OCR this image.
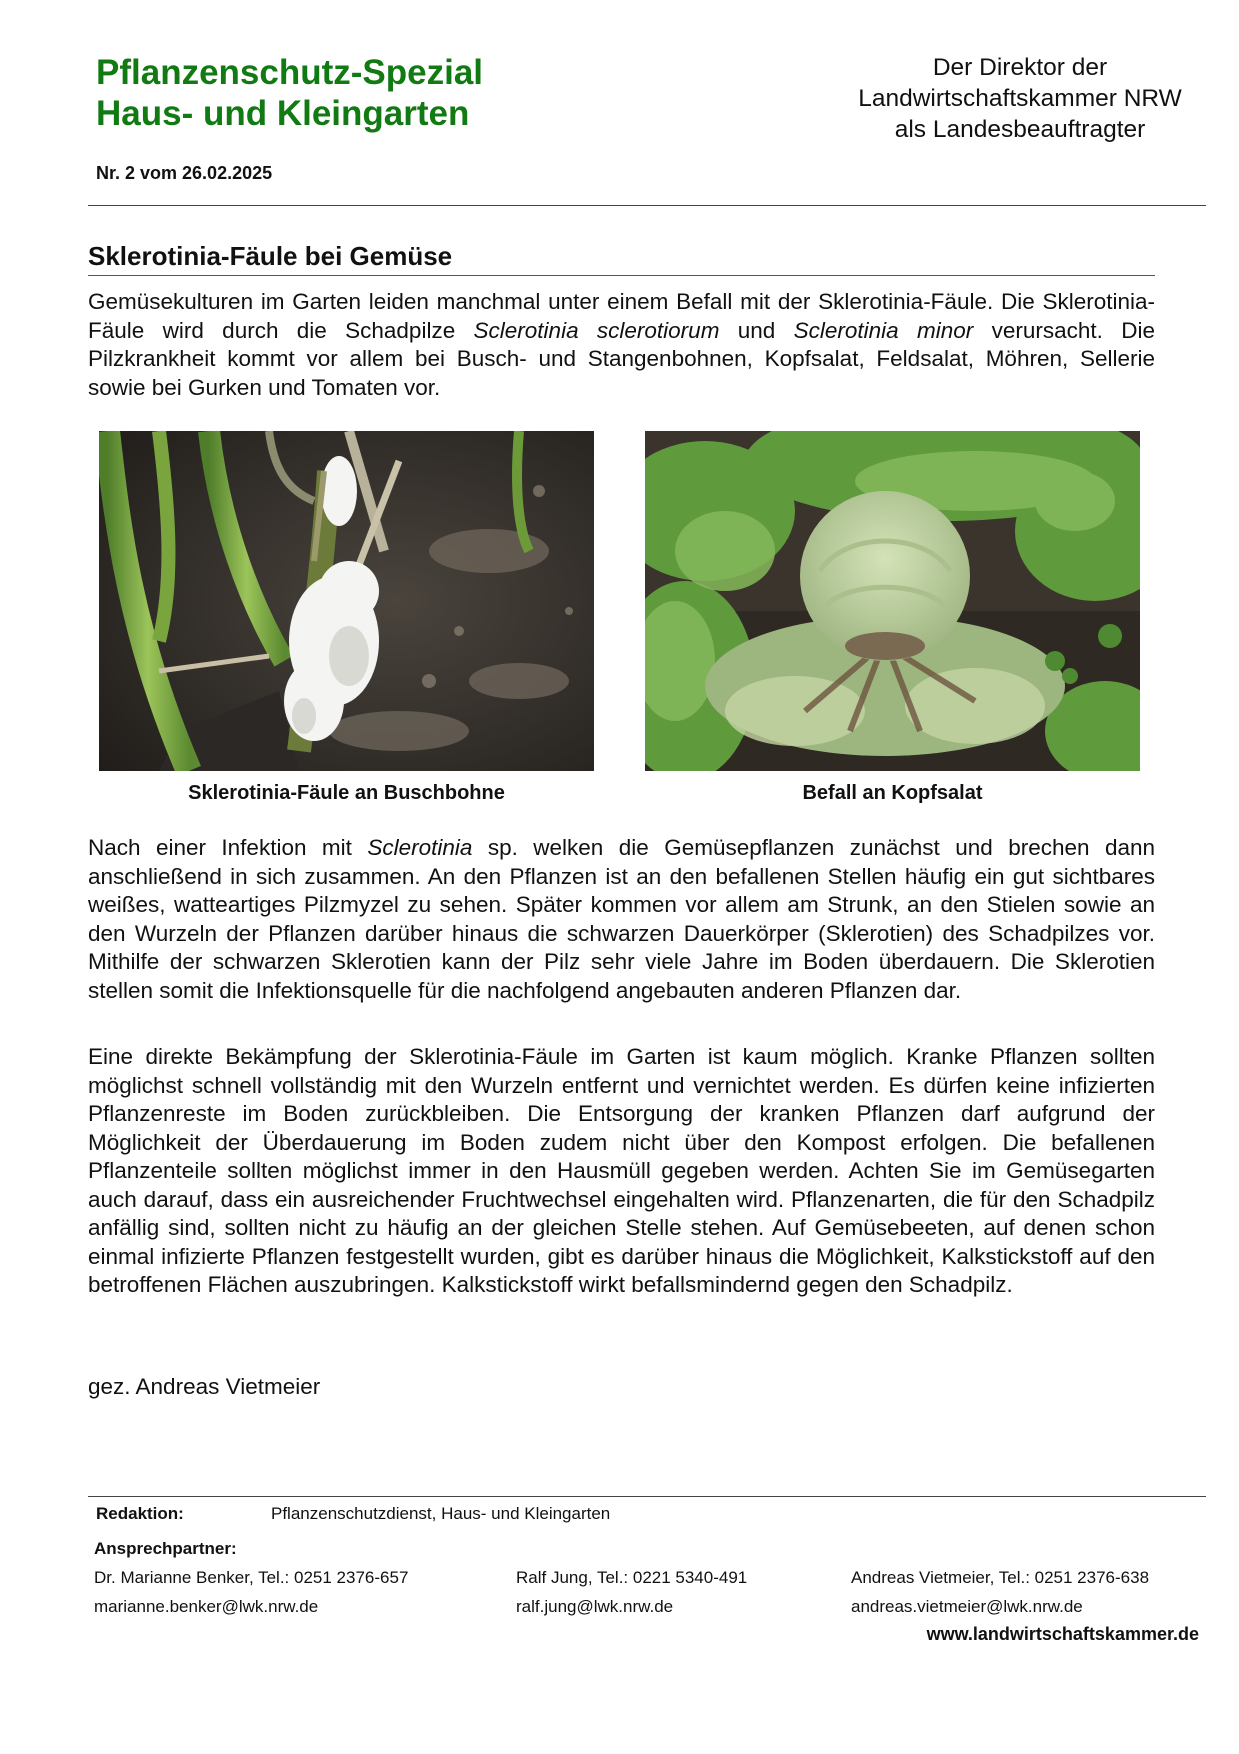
Pflanzenschutz-Spezial
Haus- und Kleingarten
Nr. 2 vom 26.02.2025
Der Direktor der
Landwirtschaftskammer NRW
als Landesbeauftragter
Sklerotinia-Fäule bei Gemüse

Gemüsekulturen im Garten leiden manchmal unter einem Befall mit der Sklerotinia-Fäule. Die Sklerotinia-Fäule wird durch die Schadpilze Sclerotinia sclerotiorum und Sclerotinia minor verursacht. Die Pilzkrankheit kommt vor allem bei Busch- und Stangenbohnen, Kopfsalat, Feldsalat, Möhren, Sellerie sowie bei Gurken und Tomaten vor.

Sklerotinia-Fäule an Buschbohne	Befall an Kopfsalat

Nach einer Infektion mit Sclerotinia sp. welken die Gemüsepflanzen zunächst und brechen dann anschließend in sich zusammen. An den Pflanzen ist an den befallenen Stellen häufig ein gut sichtbares weißes, watteartiges Pilzmyzel zu sehen. Später kommen vor allem am Strunk, an den Stielen sowie an den Wurzeln der Pflanzen darüber hinaus die schwarzen Dauerkörper (Sklerotien) des Schadpilzes vor. Mithilfe der schwarzen Sklerotien kann der Pilz sehr viele Jahre im Boden überdauern. Die Sklerotien stellen somit die Infektionsquelle für die nachfolgend angebauten anderen Pflanzen dar.

Eine direkte Bekämpfung der Sklerotinia-Fäule im Garten ist kaum möglich. Kranke Pflanzen sollten möglichst schnell vollständig mit den Wurzeln entfernt und vernichtet werden. Es dürfen keine infizierten Pflanzenreste im Boden zurückbleiben. Die Entsorgung der kranken Pflanzen darf aufgrund der Möglichkeit der Überdauerung im Boden zudem nicht über den Kompost erfolgen. Die befallenen Pflanzenteile sollten möglichst immer in den Hausmüll gegeben werden. Achten Sie im Gemüsegarten auch darauf, dass ein ausreichender Fruchtwechsel eingehalten wird. Pflanzenarten, die für den Schadpilz anfällig sind, sollten nicht zu häufig an der gleichen Stelle stehen. Auf Gemüsebeeten, auf denen schon einmal infizierte Pflanzen festgestellt wurden, gibt es darüber hinaus die Möglichkeit, Kalkstickstoff auf den betroffenen Flächen auszubringen. Kalkstickstoff wirkt befallsmindernd gegen den Schadpilz.

gez. Andreas Vietmeier
Redaktion:	Pflanzenschutzdienst, Haus- und Kleingarten
Ansprechpartner:
Dr. Marianne Benker, Tel.: 0251 2376-657
marianne.benker@lwk.nrw.de
Ralf Jung, Tel.: 0221 5340-491
ralf.jung@lwk.nrw.de
Andreas Vietmeier, Tel.: 0251 2376-638
andreas.vietmeier@lwk.nrw.de
www.landwirtschaftskammer.de
